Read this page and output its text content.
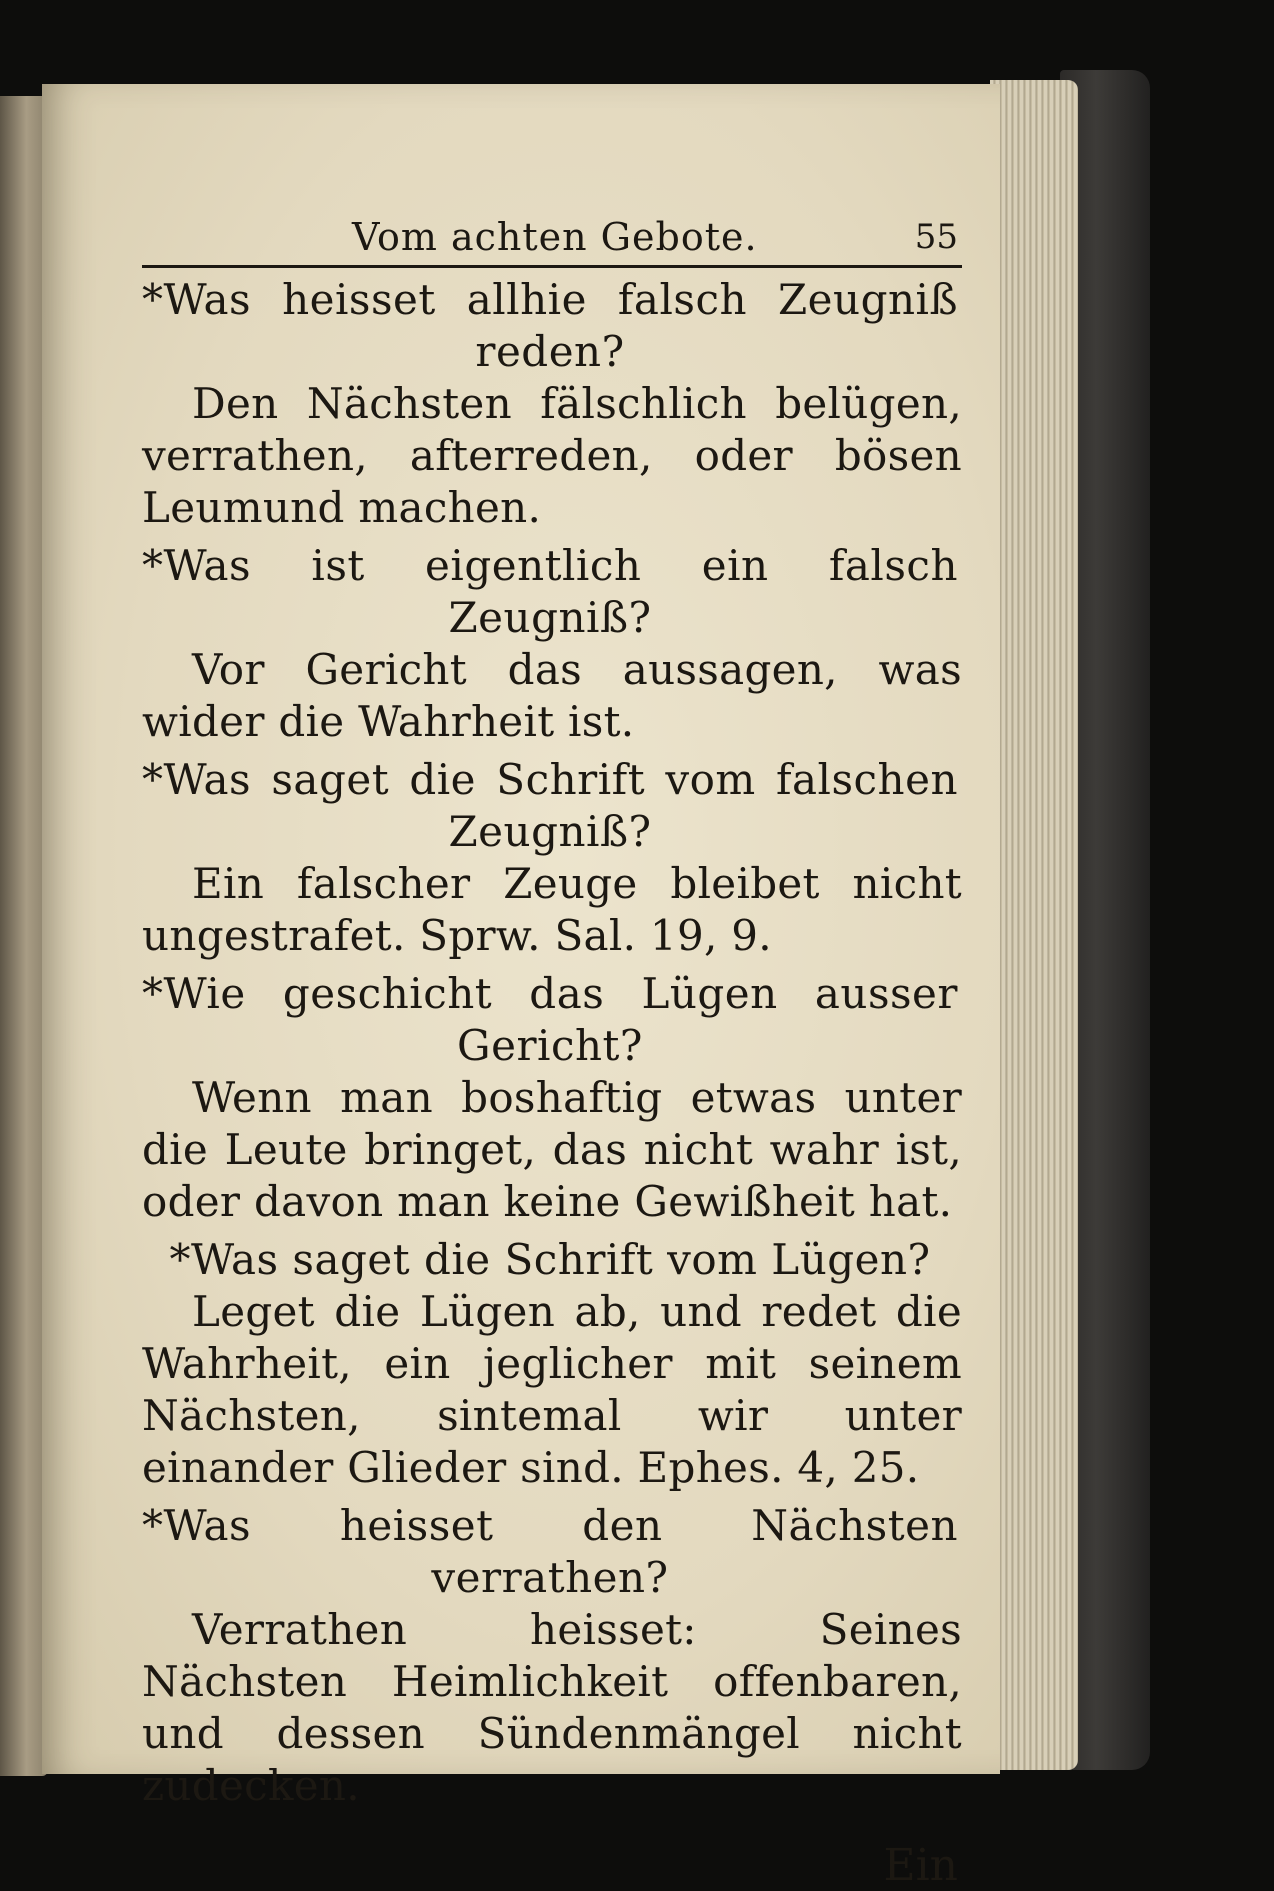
Vom achten Gebote.	55
*Was heisset allhie falsch Zeugniß reden?
Den Nächsten fälschlich belügen, verrathen, afterreden, oder bösen Leumund machen.
*Was ist eigentlich ein falsch Zeugniß?
Vor Gericht das aussagen, was wider die Wahrheit ist.
*Was saget die Schrift vom falschen Zeugniß?
Ein falscher Zeuge bleibet nicht ungestrafet. Sprw. Sal. 19, 9.
*Wie geschicht das Lügen ausser Gericht?
Wenn man boshaftig etwas unter die Leute bringet, das nicht wahr ist, oder davon man keine Gewißheit hat.
*Was saget die Schrift vom Lügen?
Leget die Lügen ab, und redet die Wahrheit, ein jeglicher mit seinem Nächsten, sintemal wir unter einander Glieder sind. Ephes. 4, 25.
*Was heisset den Nächsten verrathen?
Verrathen heisset: Seines Nächsten Heimlichkeit offenbaren, und dessen Sündenmängel nicht zudecken.
Ein
